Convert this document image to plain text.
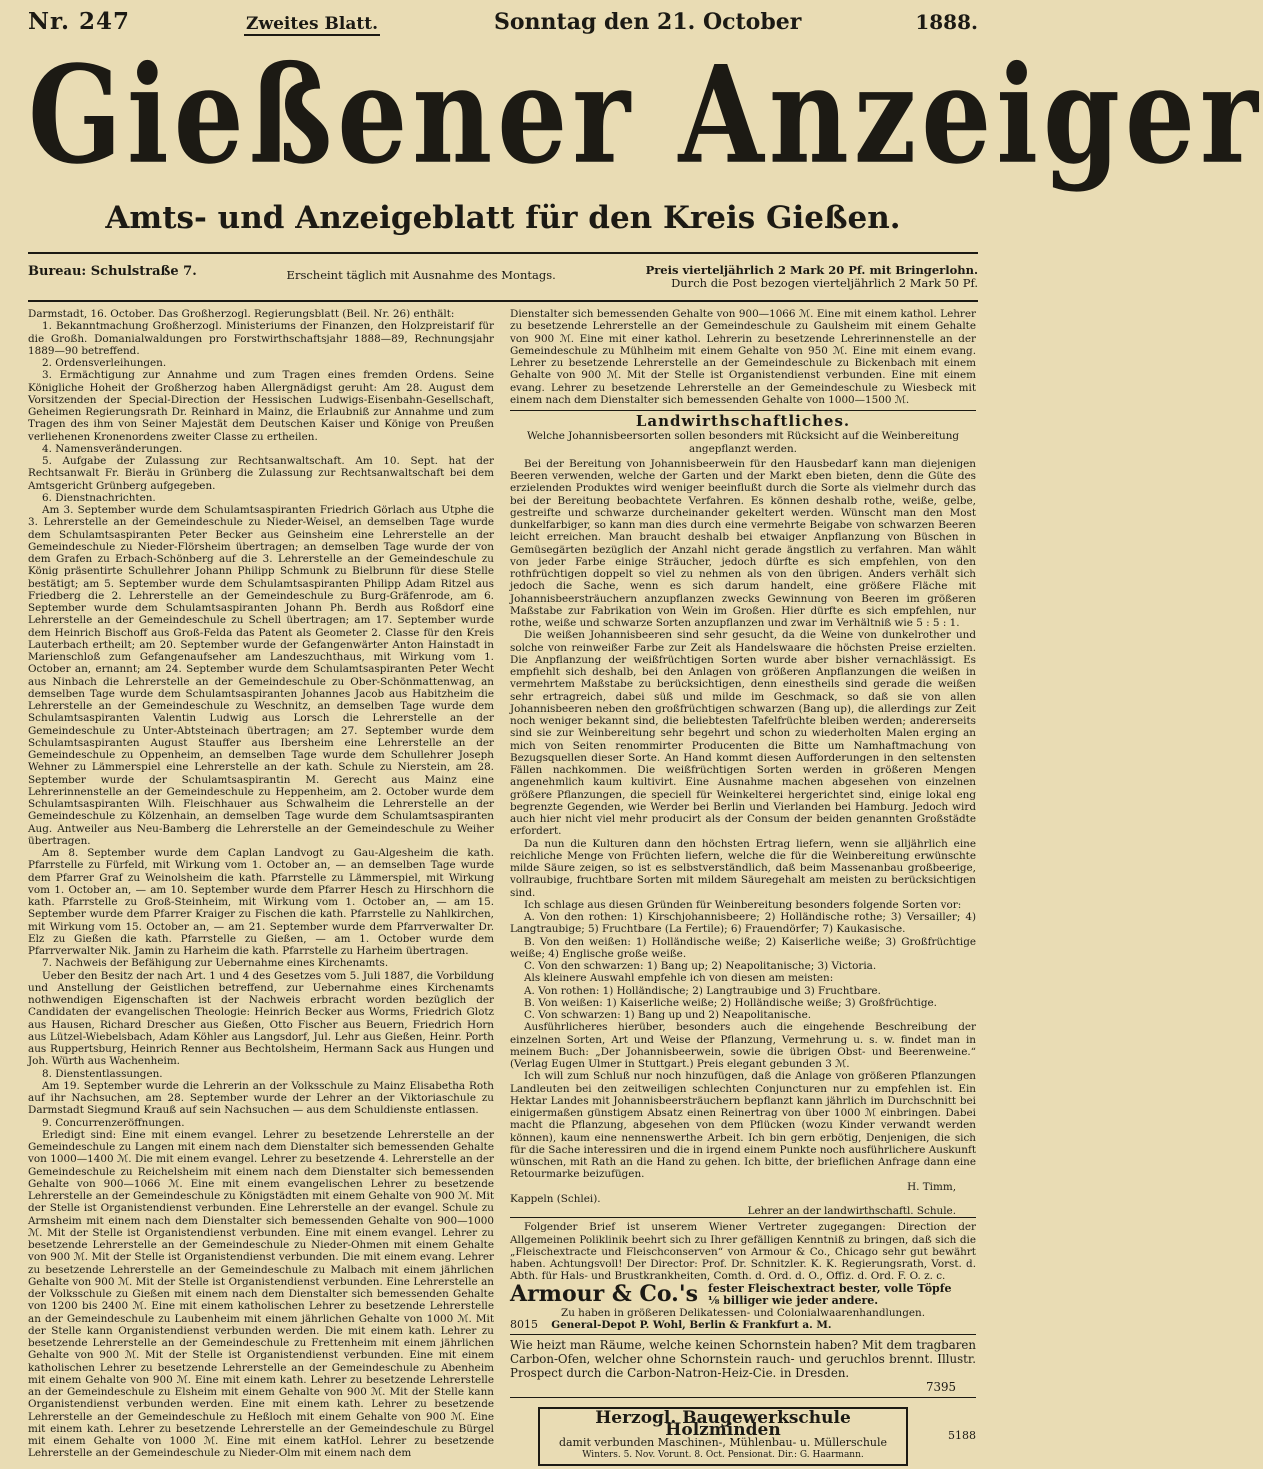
Nr. 247	Zweites Blatt.	Sonntag den 21. October	1888.
Gießener Anzeiger
Amts- und Anzeigeblatt für den Kreis Gießen.
Bureau: Schulstraße 7.	Erscheint täglich mit Ausnahme des Montags.	Preis vierteljährlich 2 Mark 20 Pf. mit Bringerlohn.
Durch die Post bezogen vierteljährlich 2 Mark 50 Pf.

Darmstadt, 16. October. Das Großherzogl. Regierungsblatt (Beil. Nr. 26) enthält:

1. Bekanntmachung Großherzogl. Ministeriums der Finanzen, den Holzpreistarif für die Großh. Domanialwaldungen pro Forstwirthschaftsjahr 1888—89, Rechnungsjahr 1889—90 betreffend.

2. Ordensverleihungen.

3. Ermächtigung zur Annahme und zum Tragen eines fremden Ordens. Seine Königliche Hoheit der Großherzog haben Allergnädigst geruht: Am 28. August dem Vorsitzenden der Special-Direction der Hessischen Ludwigs-Eisenbahn-Gesellschaft, Geheimen Regierungsrath Dr. Reinhard in Mainz, die Erlaubniß zur Annahme und zum Tragen des ihm von Seiner Majestät dem Deutschen Kaiser und Könige von Preußen verliehenen Kronenordens zweiter Classe zu ertheilen.

4. Namensveränderungen.

5. Aufgabe der Zulassung zur Rechtsanwaltschaft. Am 10. Sept. hat der Rechtsanwalt Fr. Bieräu in Grünberg die Zulassung zur Rechtsanwaltschaft bei dem Amtsgericht Grünberg aufgegeben.

6. Dienstnachrichten.

Am 3. September wurde dem Schulamtsaspiranten Friedrich Görlach aus Utphe die 3. Lehrerstelle an der Gemeindeschule zu Nieder-Weisel, an demselben Tage wurde dem Schulamtsaspiranten Peter Becker aus Geinsheim eine Lehrerstelle an der Gemeindeschule zu Nieder-Flörsheim übertragen; an demselben Tage wurde der von dem Grafen zu Erbach-Schönberg auf die 3. Lehrerstelle an der Gemeindeschule zu König präsentirte Schullehrer Johann Philipp Schmunk zu Bielbrunn für diese Stelle bestätigt; am 5. September wurde dem Schulamtsaspiranten Philipp Adam Ritzel aus Friedberg die 2. Lehrerstelle an der Gemeindeschule zu Burg-Gräfenrode, am 6. September wurde dem Schulamtsaspiranten Johann Ph. Berdh aus Roßdorf eine Lehrerstelle an der Gemeindeschule zu Schell übertragen; am 17. September wurde dem Heinrich Bischoff aus Groß-Felda das Patent als Geometer 2. Classe für den Kreis Lauterbach ertheilt; am 20. September wurde der Gefangenwärter Anton Hainstadt in Marienschloß zum Gefangenaufseher am Landeszuchthaus, mit Wirkung vom 1. October an, ernannt; am 24. September wurde dem Schulamtsaspiranten Peter Wecht aus Ninbach die Lehrerstelle an der Gemeindeschule zu Ober-Schönmattenwag, an demselben Tage wurde dem Schulamtsaspiranten Johannes Jacob aus Habitzheim die Lehrerstelle an der Gemeindeschule zu Weschnitz, an demselben Tage wurde dem Schulamtsaspiranten Valentin Ludwig aus Lorsch die Lehrerstelle an der Gemeindeschule zu Unter-Abtsteinach übertragen; am 27. September wurde dem Schulamtsaspiranten August Stauffer aus Ibersheim eine Lehrerstelle an der Gemeindeschule zu Oppenheim, an demselben Tage wurde dem Schullehrer Joseph Wehner zu Lämmerspiel eine Lehrerstelle an der kath. Schule zu Nierstein, am 28. September wurde der Schulamtsaspirantin M. Gerecht aus Mainz eine Lehrerinnenstelle an der Gemeindeschule zu Heppenheim, am 2. October wurde dem Schulamtsaspiranten Wilh. Fleischhauer aus Schwalheim die Lehrerstelle an der Gemeindeschule zu Kölzenhain, an demselben Tage wurde dem Schulamtsaspiranten Aug. Antweiler aus Neu-Bamberg die Lehrerstelle an der Gemeindeschule zu Weiher übertragen.

Am 8. September wurde dem Caplan Landvogt zu Gau-Algesheim die kath. Pfarrstelle zu Fürfeld, mit Wirkung vom 1. October an, — an demselben Tage wurde dem Pfarrer Graf zu Weinolsheim die kath. Pfarrstelle zu Lämmerspiel, mit Wirkung vom 1. October an, — am 10. September wurde dem Pfarrer Hesch zu Hirschhorn die kath. Pfarrstelle zu Groß-Steinheim, mit Wirkung vom 1. October an, — am 15. September wurde dem Pfarrer Kraiger zu Fischen die kath. Pfarrstelle zu Nahlkirchen, mit Wirkung vom 15. October an, — am 21. September wurde dem Pfarrverwalter Dr. Elz zu Gießen die kath. Pfarrstelle zu Gießen, — am 1. October wurde dem Pfarrverwalter Nik. Jamin zu Harheim die kath. Pfarrstelle zu Harheim übertragen.

7. Nachweis der Befähigung zur Uebernahme eines Kirchenamts.

Ueber den Besitz der nach Art. 1 und 4 des Gesetzes vom 5. Juli 1887, die Vorbildung und Anstellung der Geistlichen betreffend, zur Uebernahme eines Kirchenamts nothwendigen Eigenschaften ist der Nachweis erbracht worden bezüglich der Candidaten der evangelischen Theologie: Heinrich Becker aus Worms, Friedrich Glotz aus Hausen, Richard Drescher aus Gießen, Otto Fischer aus Beuern, Friedrich Horn aus Lützel-Wiebelsbach, Adam Köhler aus Langsdorf, Jul. Lehr aus Gießen, Heinr. Porth aus Ruppertsburg, Heinrich Renner aus Bechtolsheim, Hermann Sack aus Hungen und Joh. Würth aus Wachenheim.

8. Dienstentlassungen.

Am 19. September wurde die Lehrerin an der Volksschule zu Mainz Elisabetha Roth auf ihr Nachsuchen, am 28. September wurde der Lehrer an der Viktoriaschule zu Darmstadt Siegmund Krauß auf sein Nachsuchen — aus dem Schuldienste entlassen.

9. Concurrenzeröffnungen.

Erledigt sind: Eine mit einem evangel. Lehrer zu besetzende Lehrerstelle an der Gemeindeschule zu Langen mit einem nach dem Dienstalter sich bemessenden Gehalte von 1000—1400 ℳ. Die mit einem evangel. Lehrer zu besetzende 4. Lehrerstelle an der Gemeindeschule zu Reichelsheim mit einem nach dem Dienstalter sich bemessenden Gehalte von 900—1066 ℳ. Eine mit einem evangelischen Lehrer zu besetzende Lehrerstelle an der Gemeindeschule zu Königstädten mit einem Gehalte von 900 ℳ. Mit der Stelle ist Organistendienst verbunden. Eine Lehrerstelle an der evangel. Schule zu Armsheim mit einem nach dem Dienstalter sich bemessenden Gehalte von 900—1000 ℳ. Mit der Stelle ist Organistendienst verbunden. Eine mit einem evangel. Lehrer zu besetzende Lehrerstelle an der Gemeindeschule zu Nieder-Ohmen mit einem Gehalte von 900 ℳ. Mit der Stelle ist Organistendienst verbunden. Die mit einem evang. Lehrer zu besetzende Lehrerstelle an der Gemeindeschule zu Malbach mit einem jährlichen Gehalte von 900 ℳ. Mit der Stelle ist Organistendienst verbunden. Eine Lehrerstelle an der Volksschule zu Gießen mit einem nach dem Dienstalter sich bemessenden Gehalte von 1200 bis 2400 ℳ. Eine mit einem katholischen Lehrer zu besetzende Lehrerstelle an der Gemeindeschule zu Laubenheim mit einem jährlichen Gehalte von 1000 ℳ. Mit der Stelle kann Organistendienst verbunden werden. Die mit einem kath. Lehrer zu besetzende Lehrerstelle an der Gemeindeschule zu Frettenheim mit einem jährlichen Gehalte von 900 ℳ. Mit der Stelle ist Organistendienst verbunden. Eine mit einem katholischen Lehrer zu besetzende Lehrerstelle an der Gemeindeschule zu Abenheim mit einem Gehalte von 900 ℳ. Eine mit einem kath. Lehrer zu besetzende Lehrerstelle an der Gemeindeschule zu Elsheim mit einem Gehalte von 900 ℳ. Mit der Stelle kann Organistendienst verbunden werden. Eine mit einem kath. Lehrer zu besetzende Lehrerstelle an der Gemeindeschule zu Heßloch mit einem Gehalte von 900 ℳ. Eine mit einem kath. Lehrer zu besetzende Lehrerstelle an der Gemeindeschule zu Bürgel mit einem Gehalte von 1000 ℳ. Eine mit einem katHol. Lehrer zu besetzende Lehrerstelle an der Gemeindeschule zu Nieder-Olm mit einem nach dem

Dienstalter sich bemessenden Gehalte von 900—1066 ℳ. Eine mit einem kathol. Lehrer zu besetzende Lehrerstelle an der Gemeindeschule zu Gaulsheim mit einem Gehalte von 900 ℳ. Eine mit einer kathol. Lehrerin zu besetzende Lehrerinnenstelle an der Gemeindeschule zu Mühlheim mit einem Gehalte von 950 ℳ. Eine mit einem evang. Lehrer zu besetzende Lehrerstelle an der Gemeindeschule zu Bickenbach mit einem Gehalte von 900 ℳ. Mit der Stelle ist Organistendienst verbunden. Eine mit einem evang. Lehrer zu besetzende Lehrerstelle an der Gemeindeschule zu Wiesbeck mit einem nach dem Dienstalter sich bemessenden Gehalte von 1000—1500 ℳ.

Landwirthschaftliches.
Welche Johannisbeersorten sollen besonders mit Rücksicht auf die Weinbereitung angepflanzt werden.

Bei der Bereitung von Johannisbeerwein für den Hausbedarf kann man diejenigen Beeren verwenden, welche der Garten und der Markt eben bieten, denn die Güte des erzielenden Produktes wird weniger beeinflußt durch die Sorte als vielmehr durch das bei der Bereitung beobachtete Verfahren. Es können deshalb rothe, weiße, gelbe, gestreifte und schwarze durcheinander gekeltert werden. Wünscht man den Most dunkelfarbiger, so kann man dies durch eine vermehrte Beigabe von schwarzen Beeren leicht erreichen. Man braucht deshalb bei etwaiger Anpflanzung von Büschen in Gemüsegärten bezüglich der Anzahl nicht gerade ängstlich zu verfahren. Man wählt von jeder Farbe einige Sträucher, jedoch dürfte es sich empfehlen, von den rothfrüchtigen doppelt so viel zu nehmen als von den übrigen. Anders verhält sich jedoch die Sache, wenn es sich darum handelt, eine größere Fläche mit Johannisbeersträuchern anzupflanzen zwecks Gewinnung von Beeren im größeren Maßstabe zur Fabrikation von Wein im Großen. Hier dürfte es sich empfehlen, nur rothe, weiße und schwarze Sorten anzupflanzen und zwar im Verhältniß wie 5 : 5 : 1.

Die weißen Johannisbeeren sind sehr gesucht, da die Weine von dunkelrother und solche von reinweißer Farbe zur Zeit als Handelswaare die höchsten Preise erzielten. Die Anpflanzung der weißfrüchtigen Sorten wurde aber bisher vernachlässigt. Es empfiehlt sich deshalb, bei den Anlagen von größeren Anpflanzungen die weißen in vermehrtem Maßstabe zu berücksichtigen, denn einestheils sind gerade die weißen sehr ertragreich, dabei süß und milde im Geschmack, so daß sie von allen Johannisbeeren neben den großfrüchtigen schwarzen (Bang up), die allerdings zur Zeit noch weniger bekannt sind, die beliebtesten Tafelfrüchte bleiben werden; andererseits sind sie zur Weinbereitung sehr begehrt und schon zu wiederholten Malen erging an mich von Seiten renommirter Producenten die Bitte um Namhaftmachung von Bezugsquellen dieser Sorte. An Hand kommt diesen Aufforderungen in den seltensten Fällen nachkommen. Die weißfrüchtigen Sorten werden in größeren Mengen angenehmlich kaum kultivirt. Eine Ausnahme machen abgesehen von einzelnen größere Pflanzungen, die speciell für Weinkelterei hergerichtet sind, einige lokal eng begrenzte Gegenden, wie Werder bei Berlin und Vierlanden bei Hamburg. Jedoch wird auch hier nicht viel mehr producirt als der Consum der beiden genannten Großstädte erfordert.

Da nun die Kulturen dann den höchsten Ertrag liefern, wenn sie alljährlich eine reichliche Menge von Früchten liefern, welche die für die Weinbereitung erwünschte milde Säure zeigen, so ist es selbstverständlich, daß beim Massenanbau großbeerige, vollraubige, fruchtbare Sorten mit mildem Säuregehalt am meisten zu berücksichtigen sind.

Ich schlage aus diesen Gründen für Weinbereitung besonders folgende Sorten vor:

A. Von den rothen: 1) Kirschjohannisbeere; 2) Holländische rothe; 3) Versailler; 4) Langtraubige; 5) Fruchtbare (La Fertile); 6) Frauendörfer; 7) Kaukasische.

B. Von den weißen: 1) Holländische weiße; 2) Kaiserliche weiße; 3) Großfrüchtige weiße; 4) Englische große weiße.

C. Von den schwarzen: 1) Bang up; 2) Neapolitanische; 3) Victoria.

Als kleinere Auswahl empfehle ich von diesen am meisten:

A. Von rothen: 1) Holländische; 2) Langtraubige und 3) Fruchtbare.

B. Von weißen: 1) Kaiserliche weiße; 2) Holländische weiße; 3) Großfrüchtige.

C. Von schwarzen: 1) Bang up und 2) Neapolitanische.

Ausführlicheres hierüber, besonders auch die eingehende Beschreibung der einzelnen Sorten, Art und Weise der Pflanzung, Vermehrung u. s. w. findet man in meinem Buch: „Der Johannisbeerwein, sowie die übrigen Obst- und Beerenweine.“ (Verlag Eugen Ulmer in Stuttgart.) Preis elegant gebunden 3 ℳ.

Ich will zum Schluß nur noch hinzufügen, daß die Anlage von größeren Pflanzungen Landleuten bei den zeitweiligen schlechten Conjuncturen nur zu empfehlen ist. Ein Hektar Landes mit Johannisbeersträuchern bepflanzt kann jährlich im Durchschnitt bei einigermaßen günstigem Absatz einen Reinertrag von über 1000 ℳ einbringen. Dabei macht die Pflanzung, abgesehen von dem Pflücken (wozu Kinder verwandt werden können), kaum eine nennenswerthe Arbeit. Ich bin gern erbötig, Denjenigen, die sich für die Sache interessiren und die in irgend einem Punkte noch ausführlichere Auskunft wünschen, mit Rath an die Hand zu gehen. Ich bitte, der brieflichen Anfrage dann eine Retourmarke beizufügen.

H. Timm,

Kappeln (Schlei).

Lehrer an der landwirthschaftl. Schule.

Folgender Brief ist unserem Wiener Vertreter zugegangen: Direction der Allgemeinen Poliklinik beehrt sich zu Ihrer gefälligen Kenntniß zu bringen, daß sich die „Fleischextracte und Fleischconserven“ von Armour & Co., Chicago sehr gut bewährt haben. Achtungsvoll! Der Director: Prof. Dr. Schnitzler. K. K. Regierungsrath, Vorst. d. Abth. für Hals- und Brustkrankheiten, Comth. d. Ord. d. O., Offiz. d. Ord. F. O. z. c.

Armour & Co.'s fester Fleischextract bester, volle Töpfe
⅛ billiger wie jeder andere.

Zu haben in größeren Delikatessen- und Colonialwaarenhandlungen.

8015 General-Depot P. Wohl, Berlin & Frankfurt a. M.

Wie heizt man Räume, welche keinen Schornstein haben? Mit dem tragbaren Carbon-Ofen, welcher ohne Schornstein rauch- und geruchlos brennt. Illustr. Prospect durch die Carbon-Natron-Heiz-Cie. in Dresden.

7395

Herzogl. Baugewerkschule Holzminden
damit verbunden Maschinen-, Mühlenbau- u. Müllerschule
Winters. 5. Nov. Vorunt. 8. Oct. Pensionat. Dir.: G. Haarmann.
5188
